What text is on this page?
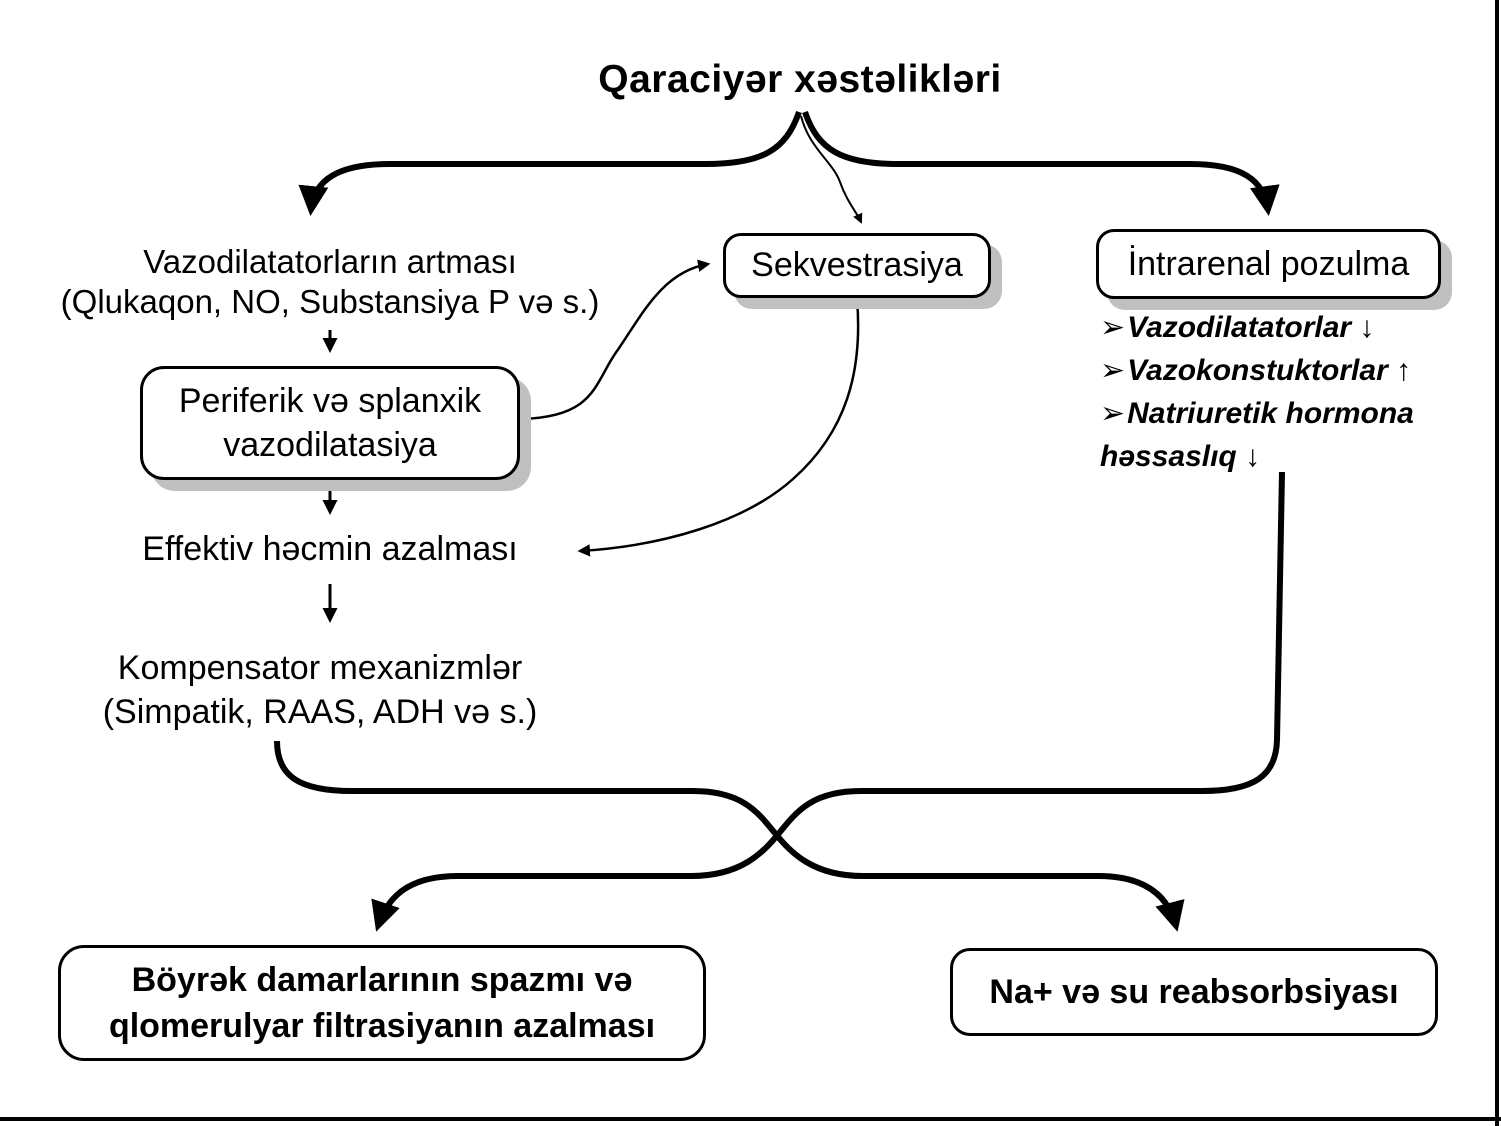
Qaraciyər xəstəlikləri
Vazodilatatorların artması
(Qlukaqon, NO, Substansiya P və s.)
Periferik və splanxik
vazodilatasiya
Sekvestrasiya	İntrarenal pozulma
➢Vazodilatatorlar ↓
➢Vazokonstuktorlar ↑
➢Natriuretik hormona həssaslıq ↓
Effektiv həcmin azalması
Kompensator mexanizmlər
(Simpatik, RAAS, ADH və s.)
Böyrək damarlarının spazmı və
qlomerulyar filtrasiyanın azalması
Na+ və su reabsorbsiyası
